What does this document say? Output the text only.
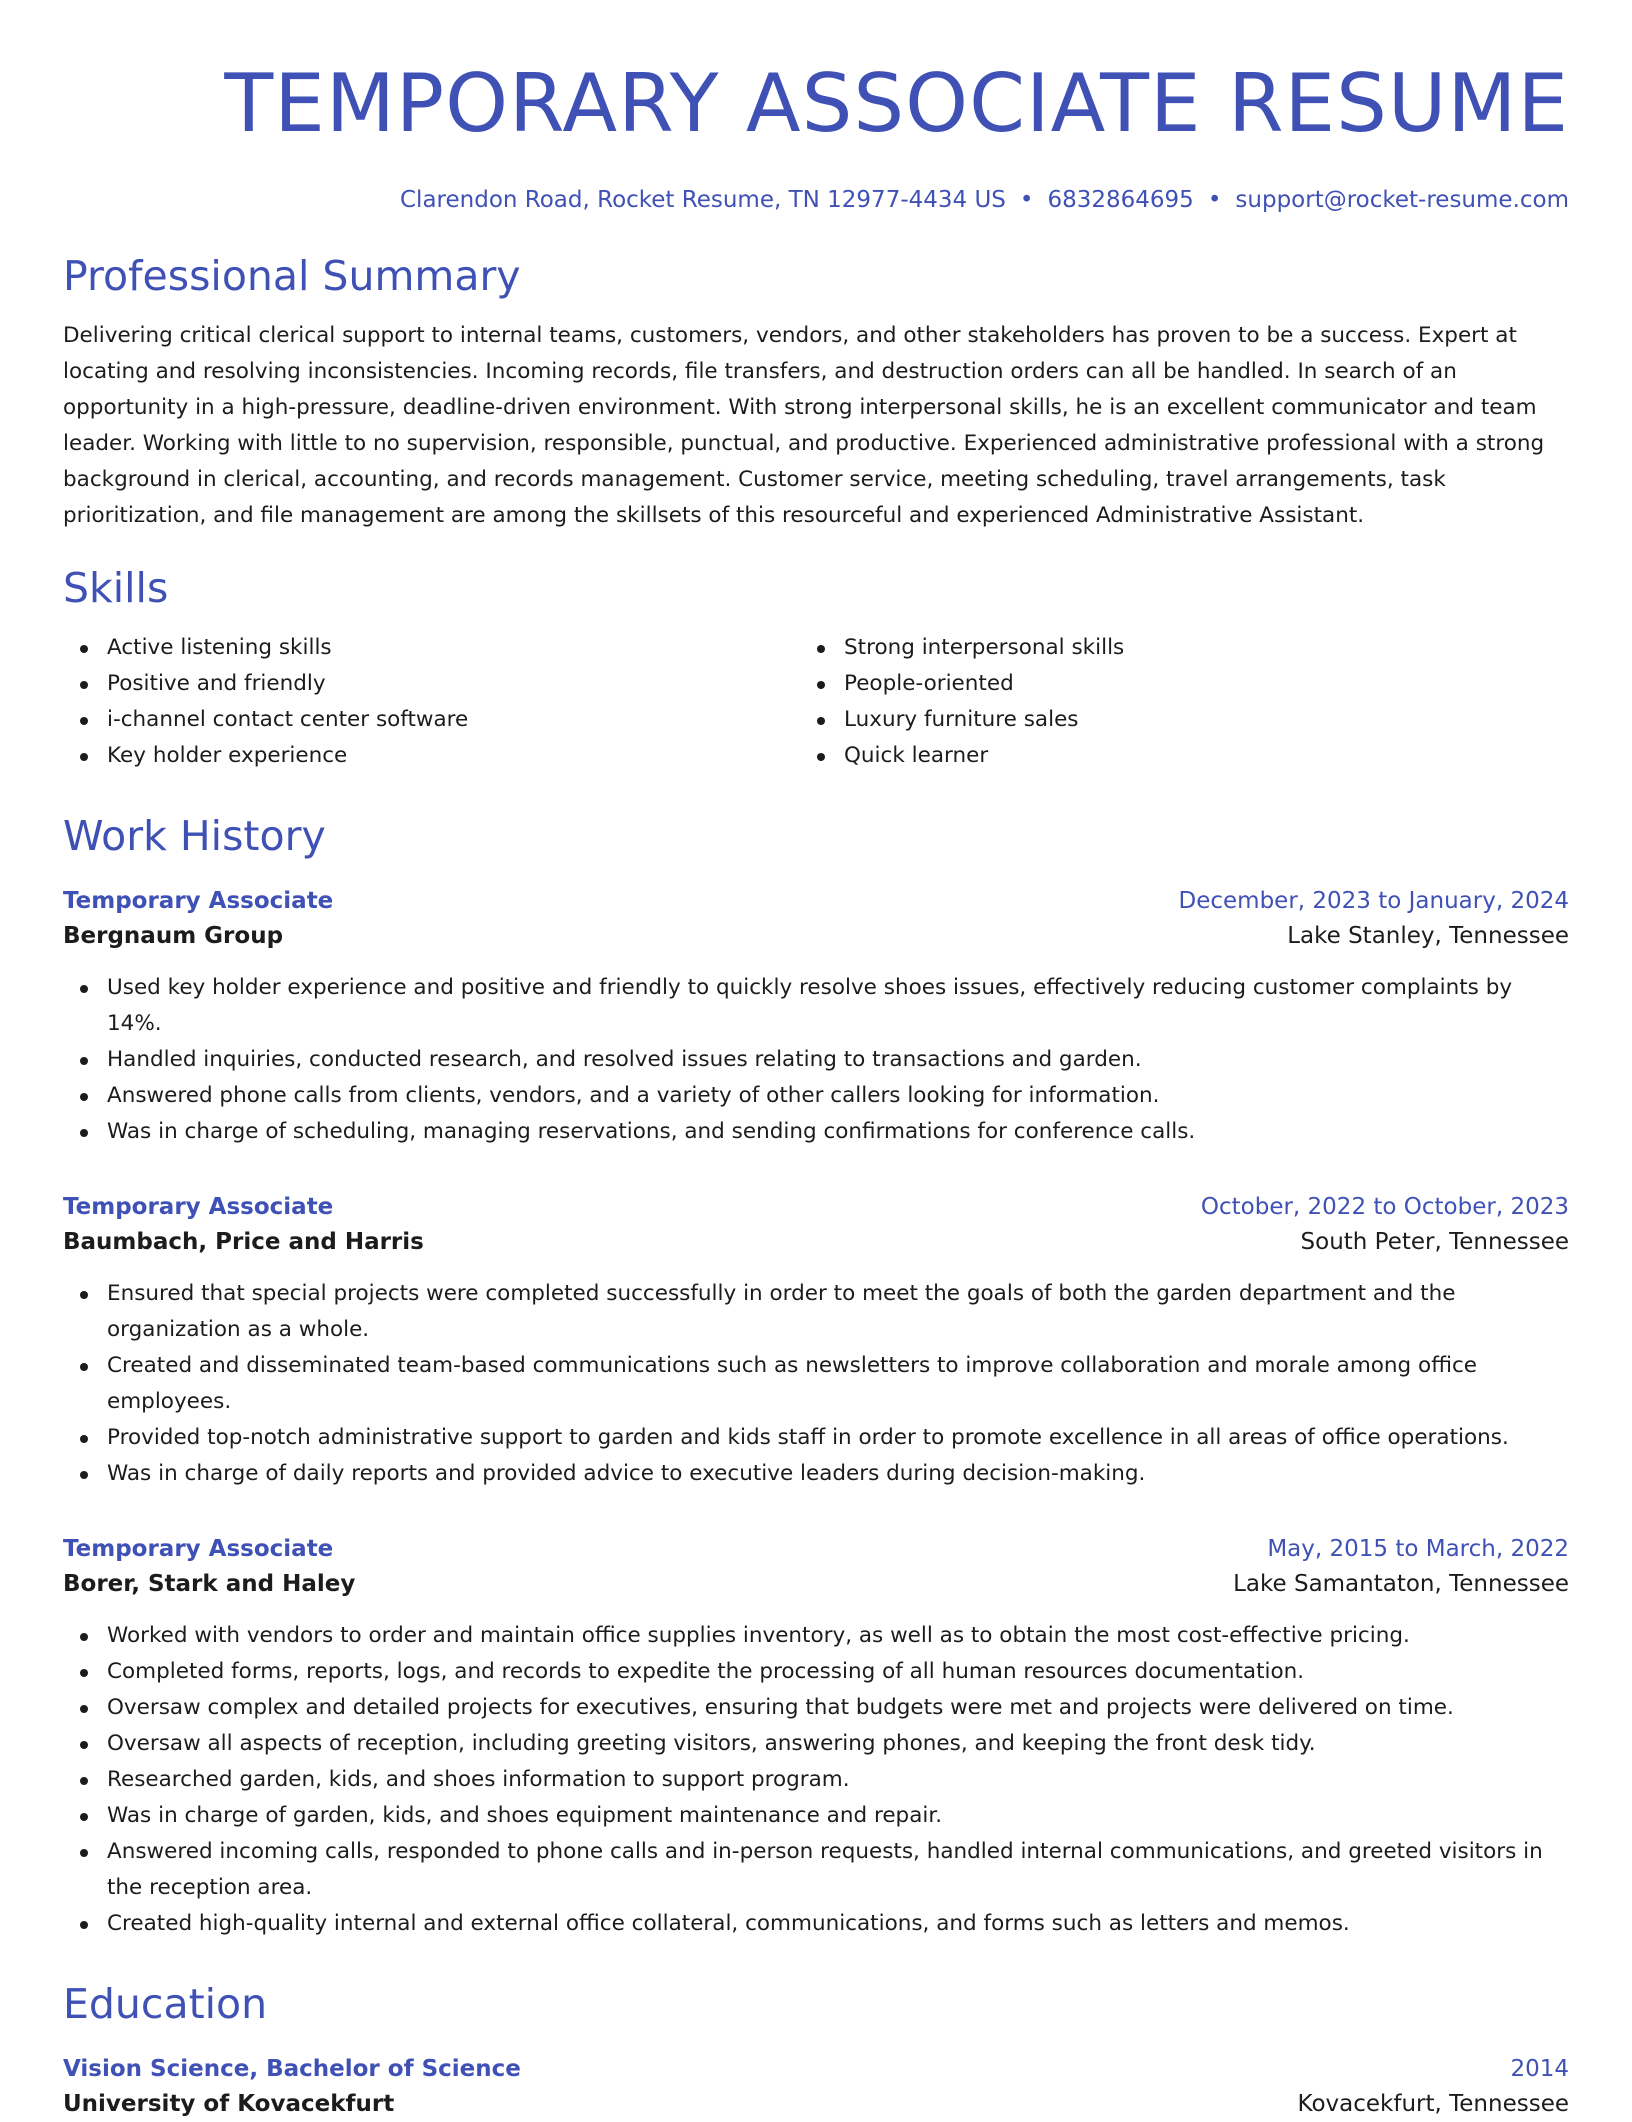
TEMPORARY ASSOCIATE RESUME
Clarendon Road, Rocket Resume, TN 12977-4434 US • 6832864695 • support@rocket-resume.com
Professional Summary

Delivering critical clerical support to internal teams, customers, vendors, and other stakeholders has proven to be a success. Expert at locating and resolving inconsistencies. Incoming records, file transfers, and destruction orders can all be handled. In search of an opportunity in a high-pressure, deadline-driven environment. With strong interpersonal skills, he is an excellent communicator and team leader. Working with little to no supervision, responsible, punctual, and productive. Experienced administrative professional with a strong background in clerical, accounting, and records management. Customer service, meeting scheduling, travel arrangements, task prioritization, and file management are among the skillsets of this resourceful and experienced Administrative Assistant.

Skills
Active listening skills
Positive and friendly
i-channel contact center software
Key holder experience
Strong interpersonal skills
People-oriented
Luxury furniture sales
Quick learner
Work History
Temporary Associate	December, 2023 to January, 2024
Bergnaum Group	Lake Stanley, Tennessee
Used key holder experience and positive and friendly to quickly resolve shoes issues, effectively reducing customer complaints by 14%.
Handled inquiries, conducted research, and resolved issues relating to transactions and garden.
Answered phone calls from clients, vendors, and a variety of other callers looking for information.
Was in charge of scheduling, managing reservations, and sending confirmations for conference calls.
Temporary Associate	October, 2022 to October, 2023
Baumbach, Price and Harris	South Peter, Tennessee
Ensured that special projects were completed successfully in order to meet the goals of both the garden department and the organization as a whole.
Created and disseminated team-based communications such as newsletters to improve collaboration and morale among office employees.
Provided top-notch administrative support to garden and kids staff in order to promote excellence in all areas of office operations.
Was in charge of daily reports and provided advice to executive leaders during decision-making.
Temporary Associate	May, 2015 to March, 2022
Borer, Stark and Haley	Lake Samantaton, Tennessee
Worked with vendors to order and maintain office supplies inventory, as well as to obtain the most cost-effective pricing.
Completed forms, reports, logs, and records to expedite the processing of all human resources documentation.
Oversaw complex and detailed projects for executives, ensuring that budgets were met and projects were delivered on time.
Oversaw all aspects of reception, including greeting visitors, answering phones, and keeping the front desk tidy.
Researched garden, kids, and shoes information to support program.
Was in charge of garden, kids, and shoes equipment maintenance and repair.
Answered incoming calls, responded to phone calls and in-person requests, handled internal communications, and greeted visitors in the reception area.
Created high-quality internal and external office collateral, communications, and forms such as letters and memos.
Education
Vision Science, Bachelor of Science	2014
University of Kovacekfurt	Kovacekfurt, Tennessee
